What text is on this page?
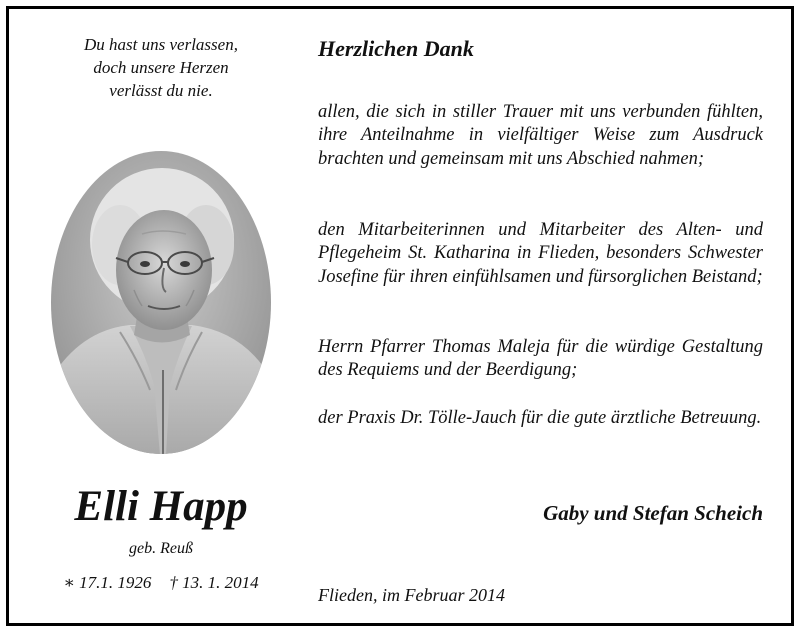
Du hast uns verlassen,
doch unsere Herzen
verlässt du nie.

Elli Happ
geb. Reuß
∗ 17.1. 1926 † 13. 1. 2014
Herzlichen Dank

allen, die sich in stiller Trauer mit uns verbunden fühlten, ihre Anteilnahme in vielfältiger Weise zum Ausdruck brachten und gemeinsam mit uns Abschied nahmen;

den Mitarbeiterinnen und Mitarbeiter des Alten- und Pflegeheim St. Katharina in Flieden, besonders Schwester Josefine für ihren einfühlsamen und fürsorglichen Beistand;

Herrn Pfarrer Thomas Maleja für die würdige Gestaltung des Requiems und der Beerdigung;

der Praxis Dr. Tölle-Jauch für die gute ärztliche Betreuung.

Gaby und Stefan Scheich
Flieden, im Februar 2014
